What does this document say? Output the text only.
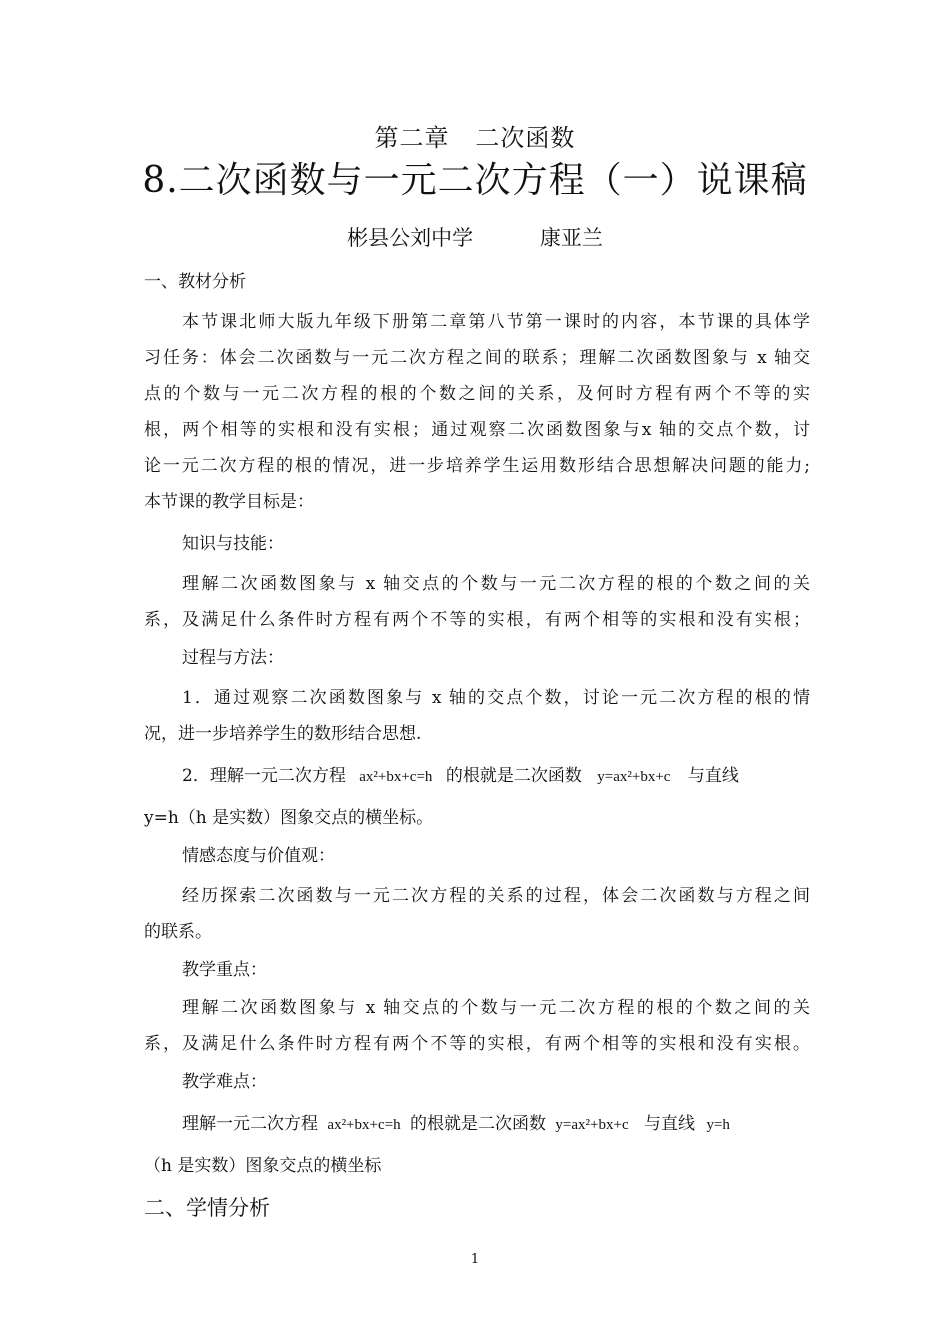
第二章   二次函数
8.二次函数与一元二次方程（一）说课稿
彬县公刘中学          康亚兰
一、教材分析
本节课北师大版九年级下册第二章第八节第一课时的内容，本节课的具体学
习任务：体会二次函数与一元二次方程之间的联系；理解二次函数图象与 x 轴交
点的个数与一元二次方程的根的个数之间的关系，及何时方程有两个不等的实
根，两个相等的实根和没有实根；通过观察二次函数图象与x 轴的交点个数，讨
论一元二次方程的根的情况，进一步培养学生运用数形结合思想解决问题的能力;
本节课的教学目标是：
知识与技能：
理解二次函数图象与 x 轴交点的个数与一元二次方程的根的个数之间的关
系，及满足什么条件时方程有两个不等的实根，有两个相等的实根和没有实根；
过程与方法：
1．通过观察二次函数图象与 x 轴的交点个数，讨论一元二次方程的根的情
况，进一步培养学生的数形结合思想.
2．理解一元二次方程 ax²+bx+c=h 的根就是二次函数 y=ax²+bx+c 与直线
y=h（h 是实数）图象交点的横坐标。
情感态度与价值观：
经历探索二次函数与一元二次方程的关系的过程，体会二次函数与方程之间
的联系。
教学重点：
理解二次函数图象与 x 轴交点的个数与一元二次方程的根的个数之间的关
系，及满足什么条件时方程有两个不等的实根，有两个相等的实根和没有实根。
教学难点：
理解一元二次方程 ax²+bx+c=h 的根就是二次函数 y=ax²+bx+c 与直线 y=h
（h 是实数）图象交点的横坐标
二、学情分析
1
